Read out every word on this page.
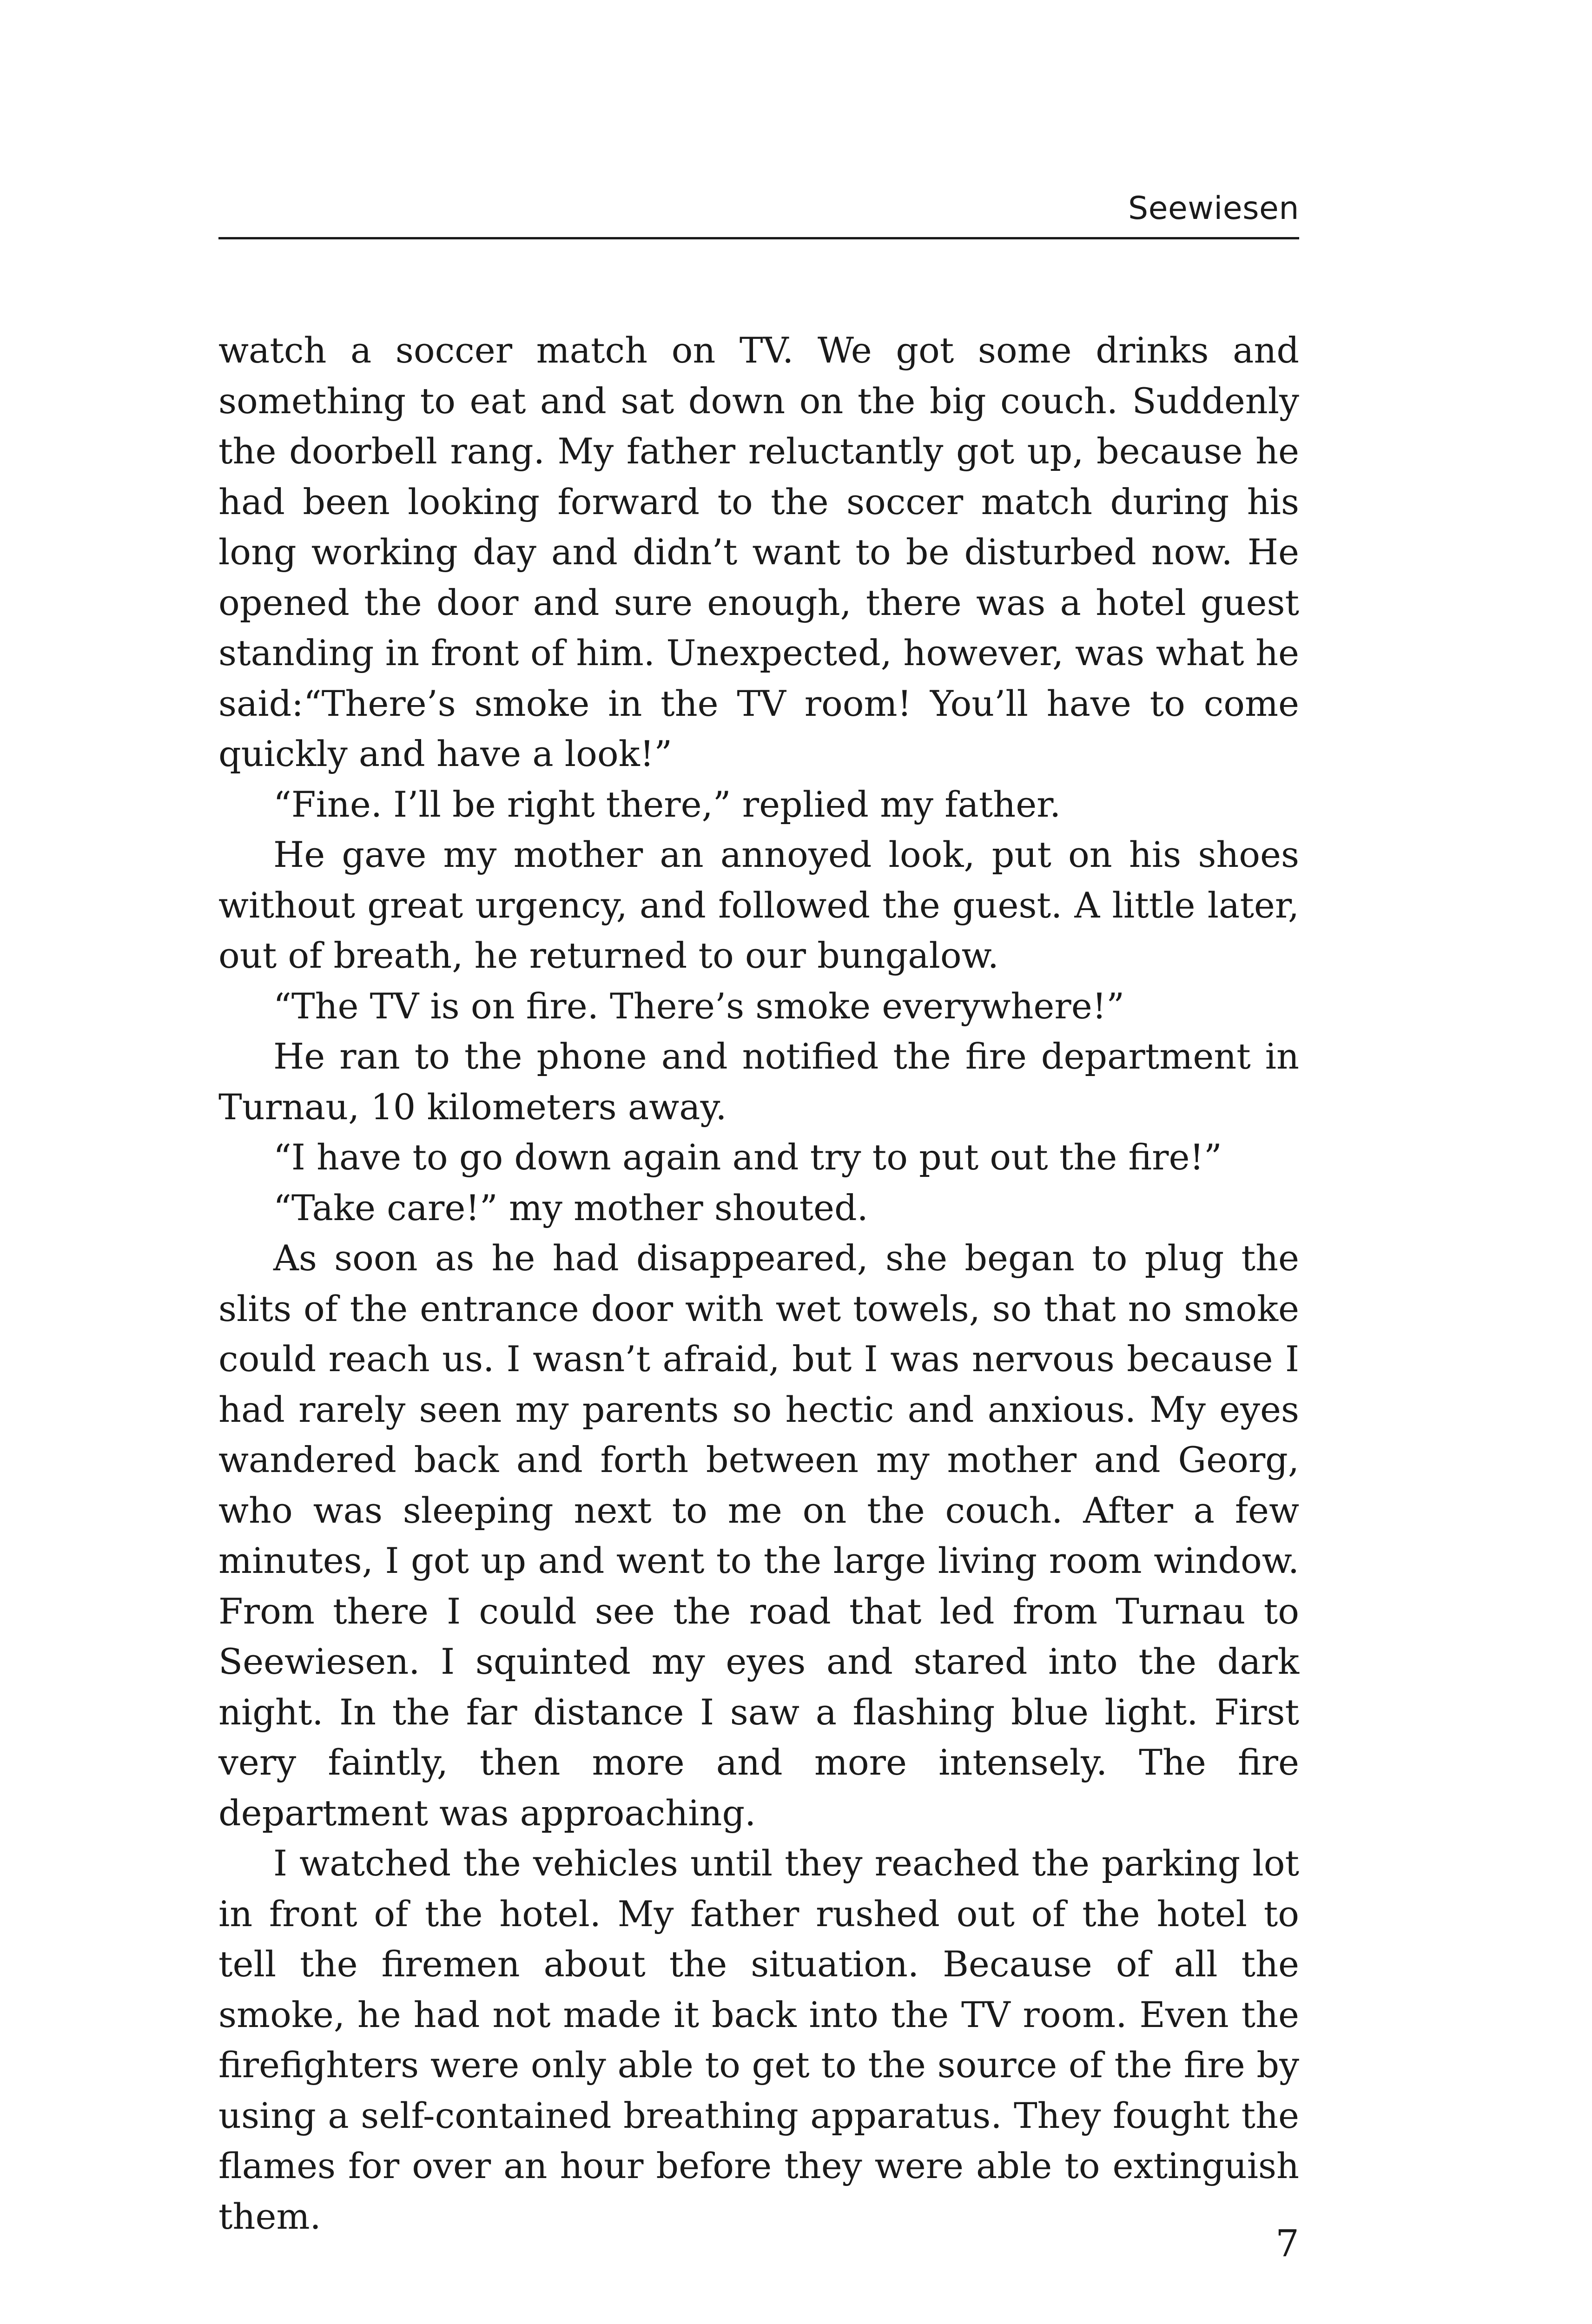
Seewiesen

watch a soccer match on TV. We got some drinks and something to eat and sat down on the big couch. Suddenly the doorbell rang. My father reluctantly got up, because he had been looking forward to the soccer match during his long working day and didn’t want to be disturbed now. He opened the door and sure enough, there was a hotel guest standing in front of him. Unexpected, however, was what he said:“There’s smoke in the TV room! You’ll have to come quickly and have a look!”

“Fine. I’ll be right there,” replied my father.

He gave my mother an annoyed look, put on his shoes without great urgency, and followed the guest. A little later, out of breath, he returned to our bungalow.

“The TV is on fire. There’s smoke everywhere!”

He ran to the phone and notified the fire department in Turnau, 10 kilometers away.

“I have to go down again and try to put out the fire!”

“Take care!” my mother shouted.

As soon as he had disappeared, she began to plug the slits of the entrance door with wet towels, so that no smoke could reach us. I wasn’t afraid, but I was nervous because I had rarely seen my parents so hectic and anxious. My eyes wandered back and forth between my mother and Georg, who was sleeping next to me on the couch. After a few minutes, I got up and went to the large living room window. From there I could see the road that led from Turnau to Seewiesen. I squinted my eyes and stared into the dark night. In the far distance I saw a flashing blue light. First very faintly, then more and more intensely. The fire department was approaching.

I watched the vehicles until they reached the parking lot in front of the hotel. My father rushed out of the hotel to tell the firemen about the situation. Because of all the smoke, he had not made it back into the TV room. Even the firefighters were only able to get to the source of the fire by using a self-contained breathing apparatus. They fought the flames for over an hour before they were able to extinguish them.

7
